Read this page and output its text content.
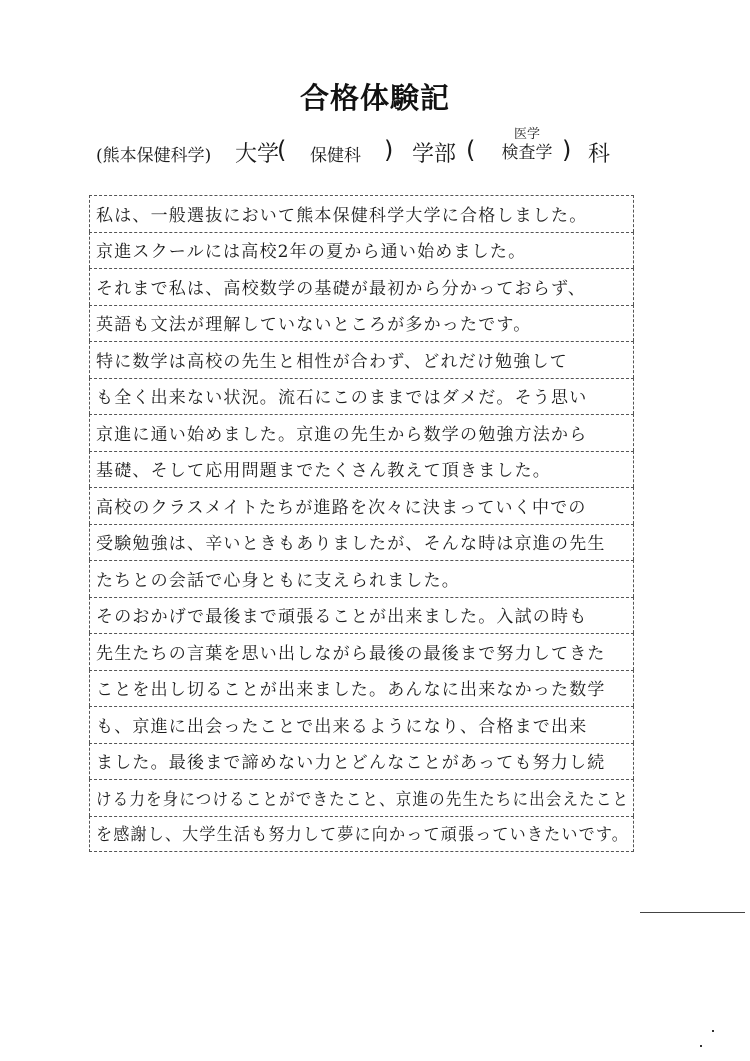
合格体験記
(熊本保健科学) 大学
( 保健科 ) 学部 (
医学
検査学 ) 科
私は、一般選抜において熊本保健科学大学に合格しました。
京進スクールには高校2年の夏から通い始めました。
それまで私は、高校数学の基礎が最初から分かっておらず、
英語も文法が理解していないところが多かったです。
特に数学は高校の先生と相性が合わず、どれだけ勉強して
も全く出来ない状況。流石にこのままではダメだ。そう思い
京進に通い始めました。京進の先生から数学の勉強方法から
基礎、そして応用問題までたくさん教えて頂きました。
高校のクラスメイトたちが進路を次々に決まっていく中での
受験勉強は、辛いときもありましたが、そんな時は京進の先生
たちとの会話で心身ともに支えられました。
そのおかげで最後まで頑張ることが出来ました。入試の時も
先生たちの言葉を思い出しながら最後の最後まで努力してきた
ことを出し切ることが出来ました。あんなに出来なかった数学
も、京進に出会ったことで出来るようになり、合格まで出来
ました。最後まで諦めない力とどんなことがあっても努力し続
ける力を身につけることができたこと、京進の先生たちに出会えたこと
を感謝し、大学生活も努力して夢に向かって頑張っていきたいです。
